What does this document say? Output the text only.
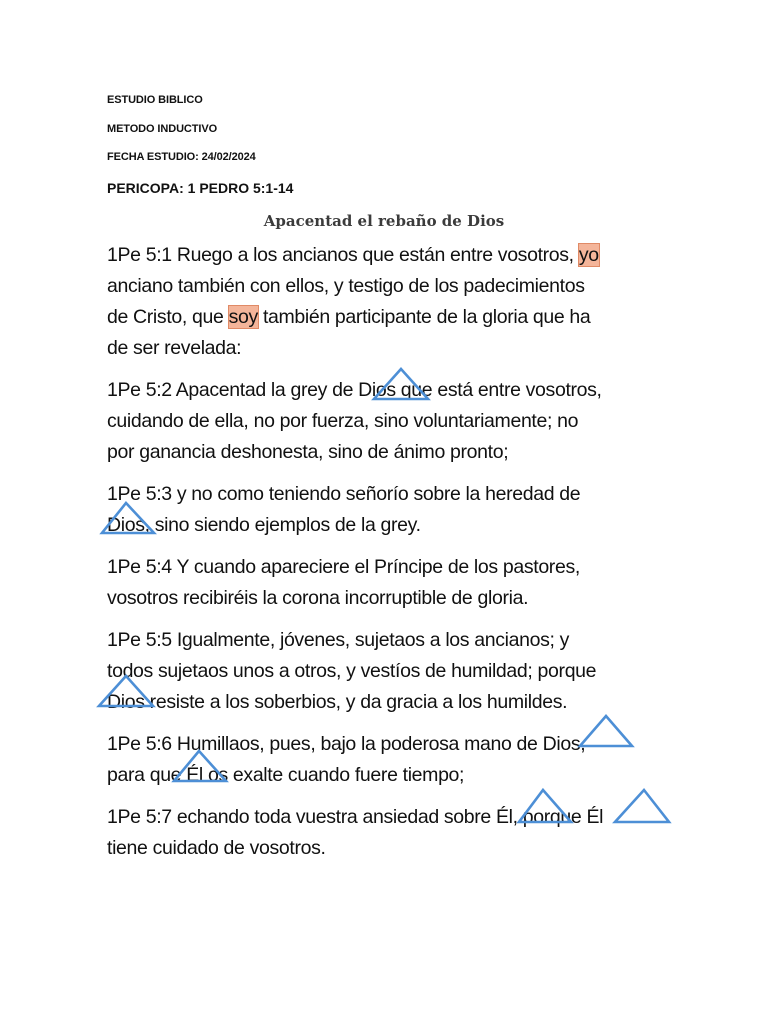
ESTUDIO BIBLICO
METODO INDUCTIVO
FECHA ESTUDIO: 24/02/2024
PERICOPA: 1 PEDRO 5:1-14
Apacentad el rebaño de Dios
1Pe 5:1 Ruego a los ancianos que están entre vosotros, yo
anciano también con ellos, y testigo de los padecimientos
de Cristo, que soy también participante de la gloria que ha
de ser revelada:
1Pe 5:2 Apacentad la grey de Dios que está entre vosotros,
cuidando de ella, no por fuerza, sino voluntariamente; no
por ganancia deshonesta, sino de ánimo pronto;
1Pe 5:3 y no como teniendo señorío sobre la heredad de
Dios, sino siendo ejemplos de la grey.
1Pe 5:4 Y cuando apareciere el Príncipe de los pastores,
vosotros recibiréis la corona incorruptible de gloria.
1Pe 5:5 Igualmente, jóvenes, sujetaos a los ancianos; y
todos sujetaos unos a otros, y vestíos de humildad; porque
Dios resiste a los soberbios, y da gracia a los humildes.
1Pe 5:6 Humillaos, pues, bajo la poderosa mano de Dios,
para que Él os exalte cuando fuere tiempo;
1Pe 5:7 echando toda vuestra ansiedad sobre Él, porque Él
tiene cuidado de vosotros.
